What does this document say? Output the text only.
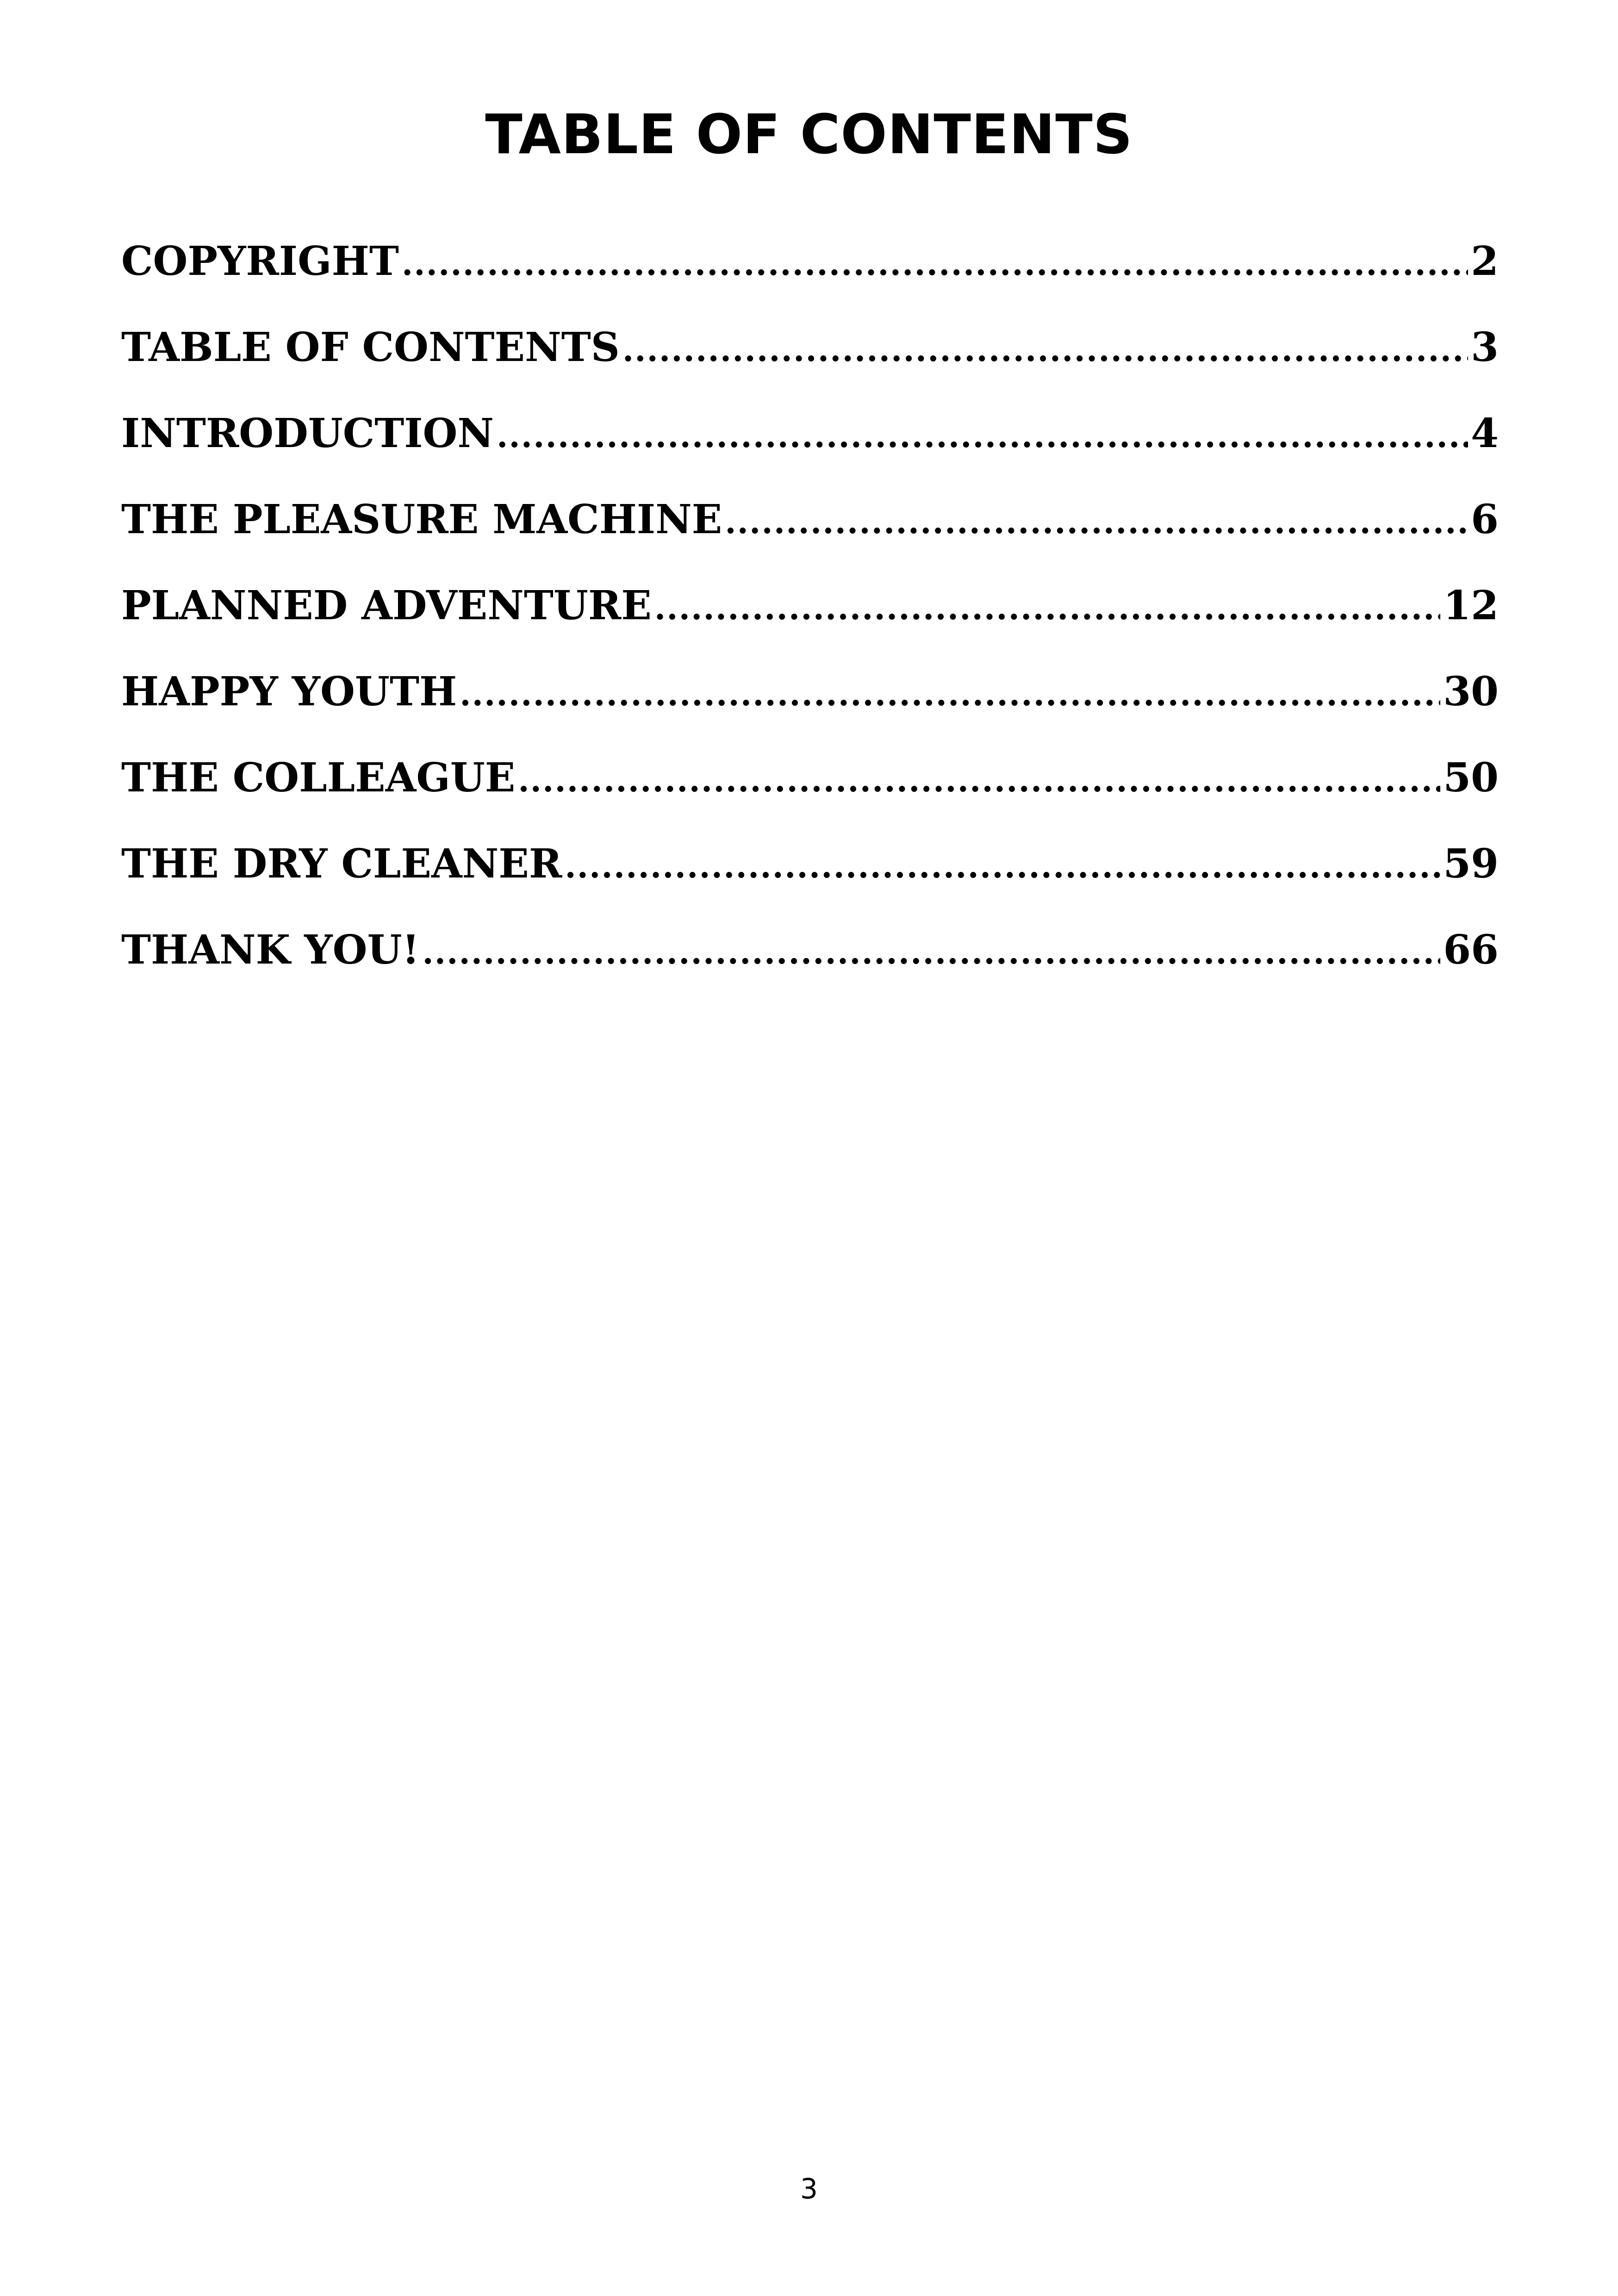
TABLE OF CONTENTS
COPYRIGHT .....	2
TABLE OF CONTENTS .....	3
INTRODUCTION .....	4
THE PLEASURE MACHINE .....	6
PLANNED ADVENTURE .....	12
HAPPY YOUTH .....	30
THE COLLEAGUE .....	50
THE DRY CLEANER .....	59
THANK YOU! .....	66
3
